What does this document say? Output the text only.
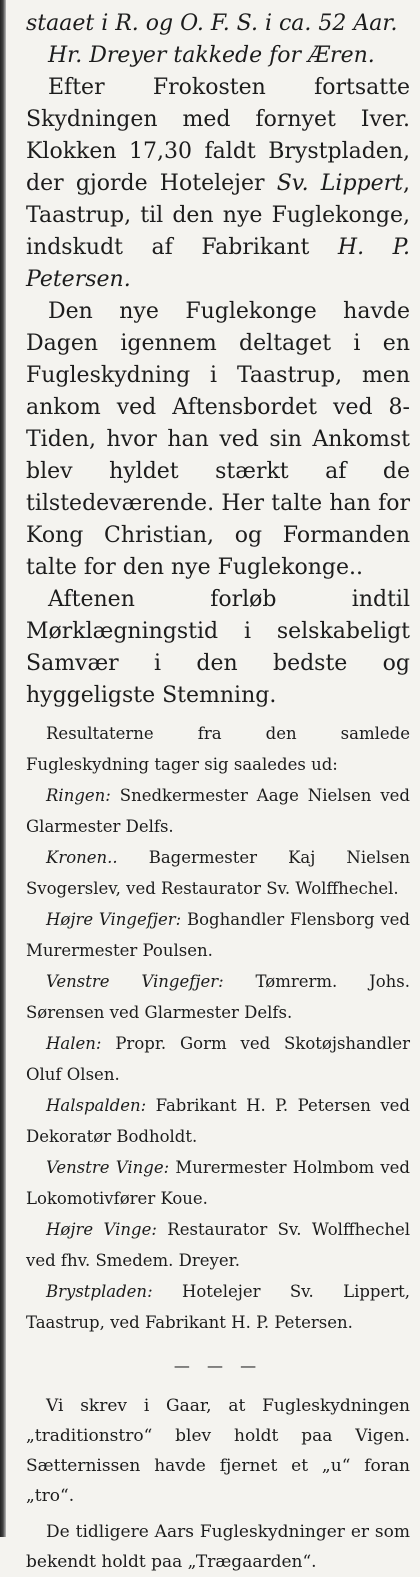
staaet i R. og O. F. S. i ca. 52 Aar.

Hr. Dreyer takkede for Æren.

Efter Frokosten fortsatte Skydningen med fornyet Iver. Klokken 17,30 faldt Brystpladen, der gjorde Hotelejer Sv. Lippert, Taastrup, til den nye Fuglekonge, indskudt af Fabrikant H. P. Petersen.

Den nye Fuglekonge havde Dagen igennem deltaget i en Fugleskydning i Taastrup, men ankom ved Aftensbordet ved 8-Tiden, hvor han ved sin Ankomst blev hyldet stærkt af de tilstedeværende. Her talte han for Kong Christian, og Formanden talte for den nye Fuglekonge..

Aftenen forløb indtil Mørklægningstid i selskabeligt Samvær i den bedste og hyggeligste Stemning.

Resultaterne fra den samlede Fugleskydning tager sig saaledes ud:

Ringen: Snedkermester Aage Nielsen ved Glarmester Delfs.

Kronen.. Bagermester Kaj Nielsen Svogerslev, ved Restaurator Sv. Wolffhechel.

Højre Vingefjer: Boghandler Flensborg ved Murermester Poulsen.

Venstre Vingefjer: Tømrerm. Johs. Sørensen ved Glarmester Delfs.

Halen: Propr. Gorm ved Skotøjshandler Oluf Olsen.

Halspalden: Fabrikant H. P. Petersen ved Dekoratør Bodholdt.

Venstre Vinge: Murermester Holmbom ved Lokomotivfører Koue.

Højre Vinge: Restaurator Sv. Wolffhechel ved fhv. Smedem. Dreyer.

Brystpladen: Hotelejer Sv. Lippert, Taastrup, ved Fabrikant H. P. Petersen.

— — —

Vi skrev i Gaar, at Fugleskydningen „traditionstro“ blev holdt paa Vigen. Sætternissen havde fjernet et „u“ foran „tro“.

De tidligere Aars Fugleskydninger er som bekendt holdt paa „Trægaarden“.
